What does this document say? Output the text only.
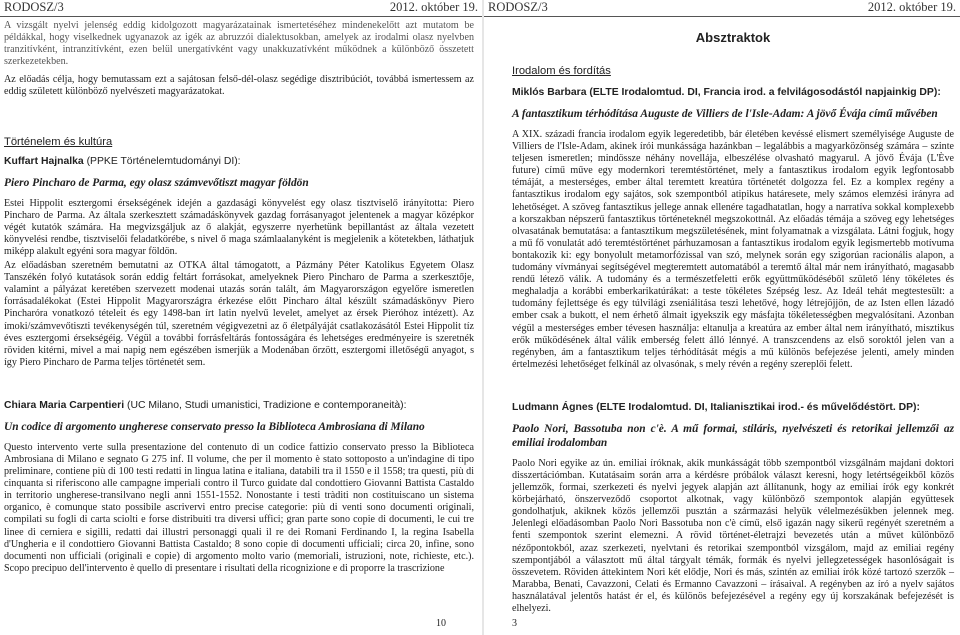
RODOSZ/3	2012. október 19.

A vizsgált nyelvi jelenség eddig kidolgozott magyarázatainak ismertetéséhez mindenekelőtt azt mutatom be példákkal, hogy viselkednek ugyanazok az igék az abruzzói dialektusokban, amelyek az irodalmi olasz nyelvben tranzitívként, intranzitívként, ezen belül unergatívként vagy unakkuzatívként működnek a különböző összetett szerkezetekben.

Az előadás célja, hogy bemutassam ezt a sajátosan felső-dél-olasz segédige disztribúciót, továbbá ismertessem az eddig született különböző nyelvészeti magyarázatokat.

Történelem és kultúra

Kuffart Hajnalka (PPKE Történelemtudományi DI):

Piero Pincharo de Parma, egy olasz számvevőtiszt magyar földön

Estei Hippolit esztergomi érsekségének idején a gazdasági könyvelést egy olasz tisztviselő irányította: Piero Pincharo de Parma. Az általa szerkesztett számadáskönyvek gazdag forrásanyagot jelentenek a magyar középkor végét kutatók számára. Ha megvizsgáljuk az ő alakját, egyszerre nyerhetünk bepillantást az általa vezetett könyvelési rendbe, tisztviselői feladatkörébe, s nivel ő maga számlaalanyként is megjelenik a kötetekben, láthatjuk miképp alakult egyéni sora magyar földön.

Az előadásban szeretném bemutatni az OTKA által támogatott, a Pázmány Péter Katolikus Egyetem Olasz Tanszékén folyó kutatások során eddig feltárt forrásokat, amelyeknek Piero Pincharo de Parma a szerkesztője, valamint a pályázat keretében szervezett modenai utazás során talált, ám Magyarországon egyelőre ismeretlen forrásadalékokat (Estei Hippolit Magyarországra érkezése előtt Pincharo által készült számadáskönyv Piero Pincharóra vonatkozó tételeit és egy 1498-ban írt latin nyelvű levelet, amelyet az érsek Pieróhoz intézett). Az ímoki/számvevőtiszti tevékenységén túl, szeretném végigvezetni az ő életpályáját csatlakozásától Estei Hippolit tíz éves esztergomi érsekségéig. Végül a további forrásfeltárás fontosságára és lehetséges eredményeire is szeretnék röviden kitérni, mivel a mai napig nem egészében ismerjük a Modenában őrzött, esztergomi illetőségű anyagot, s így Piero Pincharo de Parma teljes történetét sem.

Chiara Maria Carpentieri (UC Milano, Studi umanistici, Tradizione e contemporaneità):

Un codice di argomento ungherese conservato presso la Biblioteca Ambrosiana di Milano

Questo intervento verte sulla presentazione del contenuto di un codice fattizio conservato presso la Biblioteca Ambrosiana di Milano e segnato G 275 inf. Il volume, che per il momento è stato sottoposto a un'indagine di tipo preliminare, contiene più di 100 testi redatti in lingua latina e italiana, databili tra il 1550 e il 1558; tra questi, più di cinquanta si riferiscono alle campagne imperiali contro il Turco guidate dal condottiero Giovanni Battista Castaldo in territorio ungherese-transilvano negli anni 1551-1552. Nonostante i testi tràditi non costituiscano un sistema organico, è comunque stato possibile ascrivervi entro precise categorie: più di venti sono documenti originali, compilati su fogli di carta sciolti e forse distribuiti tra diversi uffici; gran parte sono copie di documenti, le cui tre linee di cerniera e sigilli, redatti dai illustri personaggi quali il re dei Romani Ferdinando I, la regina Isabella d'Ungheria e il condottiero Giovanni Battista Castaldo; 8 sono copie di documenti ufficiali; circa 20, infine, sono documenti non ufficiali (originali e copie) di argomento molto vario (memoriali, istruzioni, note, richieste, etc.). Scopo precipuo dell'intervento è quello di presentare i risultati della ricognizione e di proporre la trascrizione

10
RODOSZ/3	2012. október 19.

Absztraktok

Irodalom és fordítás

Miklós Barbara (ELTE Irodalomtud. DI, Francia irod. a felvilágosodástól napjainkig DP):

A fantasztikum térhódítása Auguste de Villiers de l'Isle-Adam: A jövő Évája című művében

A XIX. századi francia irodalom egyik legeredetibb, bár életében kevéssé elismert személyisége Auguste de Villiers de l'Isle-Adam, akinek írói munkássága hazánkban – legalábbis a magyarközönség számára – szinte teljesen ismeretlen; mindössze néhány novellája, elbeszélése olvasható magyarul. A jövő Évája (L'Ève future) című műve egy modernkori teremtéstörténet, mely a fantasztikus irodalom egyik legfontosabb témáját, a mesterséges, ember által teremtett kreatúra történetét dolgozza fel. Ez a komplex regény a fantasztikus irodalom egy sajátos, sok szempontból atipikus határesete, mely számos elemzési irányra ad lehetőséget. A szöveg fantasztikus jellege annak ellenére tagadhatatlan, hogy a narratíva sokkal komplexebb a korszakban népszerű fantasztikus történeteknél megszokottnál. Az előadás témája a szöveg egy lehetséges olvasatának bemutatása: a fantasztikum megszületésének, mint folyamatnak a vizsgálata. Látni fogjuk, hogy a mű fő vonulatát adó teremtéstörténet párhuzamosan a fantasztikus irodalom egyik legismertebb motívuma bontakozik ki: egy bonyolult metamorfózissal van szó, melynek során egy szigorúan racionális alapon, a tudomány vívmányai segítségével megteremtett automatából a teremtő által már nem irányítható, magasabb rendű létező válik. A tudomány és a természetfeletti erők együttműködéséből születő lény tökéletes és meghaladja a korábbi emberkarikatúrákat: a teste tökéletes Szépség lesz. Az Ideál tehát megtestesült: a tudomány fejlettsége és egy túlvilági zseniálitása teszi lehetővé, hogy létrejöjjön, de az Isten ellen lázadó ember csak a bukott, el nem érhető álmait igyekszik egy másfajta tökéletességben megvalósítani. Azonban végül a mesterséges ember tévesen használja: eltanulja a kreatúra az ember által nem irányítható, misztikus erők működésének által válik emberség felett álló lénnyé. A transzcendens az első soroktól jelen van a regényben, ám a fantasztikum teljes térhódítását mégis a mű különös befejezése jelenti, amely minden értelmezési lehetőséget felkínál az olvasónak, s mely révén a regény szereplői felett.

Ludmann Ágnes (ELTE Irodalomtud. DI, Italianisztikai irod.- és művelődéstört. DP):

Paolo Nori, Bassotuba non c'è. A mű formai, stiláris, nyelvészeti és retorikai jellemzői az emiliai irodalomban

Paolo Nori egyike az ún. emiliai íróknak, akik munkásságát több szempontból vizsgálnám majdani doktori disszertációmban. Kutatásaim során arra a kérdésre próbálok választ keresni, hogy letértségeikből közös jellemzők, formai, szerkezeti és nyelvi jegyek alapján azt állítanunk, hogy az emiliai írók egy konkrét körbejárható, önszerveződő csoportot alkotnak, vagy különböző szempontok alapján együttesek gondolhatjuk, akiknek közös jellemzői pusztán a származási helyük vélelmezésükben jelennek meg. Jelenlegi előadásomban Paolo Nori Bassotuba non c'è című, első igazán nagy sikerű regényét szeretném a fenti szempontok szerint elemezni. A rövid történet-életrajzi bevezetés után a művet különböző nézőpontokból, azaz szerkezeti, nyelvtani és retorikai szempontból vizsgálom, majd az emiliai regény szempontjából a választott mű által tárgyalt témák, formák és nyelvi jellegzetességek hasonlóságait is összevetem. Röviden áttekintem Nori két elődje, Nori és más, szintén az emiliai írók közé tartozó szerzők – Marabba, Benati, Cavazzoni, Celati és Ermanno Cavazzoni – írásaival. A regényben az író a nyelv sajátos használatával jelentős hatást ér el, és különös befejezésével a regény egy új korszakának befejezését is elhelyezi.

3
